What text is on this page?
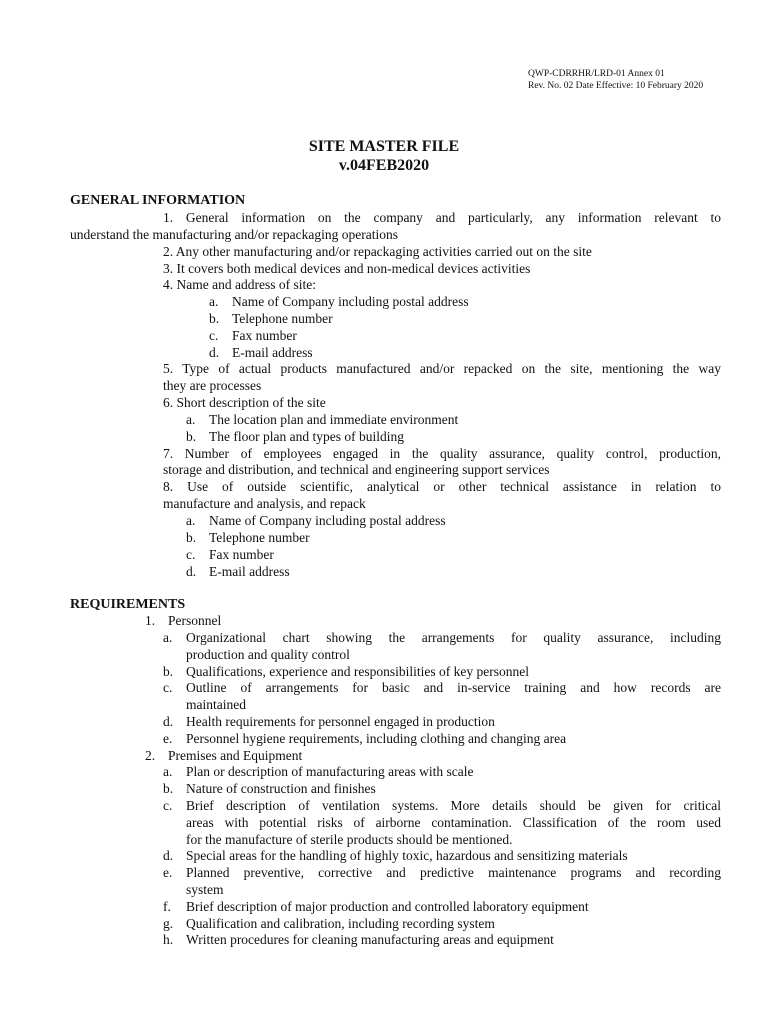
QWP-CDRRHR/LRD-01 Annex 01
Rev. No. 02 Date Effective: 10 February 2020
SITE MASTER FILE
v.04FEB2020
GENERAL INFORMATION
1. General information on the company and particularly, any information relevant to
understand the manufacturing and/or repackaging operations
2. Any other manufacturing and/or repackaging activities carried out on the site
3. It covers both medical devices and non-medical devices activities
4. Name and address of site:
a.	Name of Company including postal address
b. Telephone number
c.	Fax number
d. E-mail address
5. Type of actual products manufactured and/or repacked on the site, mentioning the way
they are processes
6. Short description of the site
a.	The location plan and immediate environment
b. The floor plan and types of building
7. Number of employees engaged in the quality assurance, quality control, production,
storage and distribution, and technical and engineering support services
8. Use of outside scientific, analytical or other technical assistance in relation to
manufacture and analysis, and repack
a.	Name of Company including postal address
b. Telephone number
c.	Fax number
d. E-mail address
REQUIREMENTS
1. Personnel
a.	Organizational chart showing the arrangements for quality assurance, including
production and quality control
b. Qualifications, experience and responsibilities of key personnel
c.	Outline of arrangements for basic and in-service training and how records are
maintained
d. Health requirements for personnel engaged in production
e.	Personnel hygiene requirements, including clothing and changing area
2. Premises and Equipment
a.	Plan or description of manufacturing areas with scale
b. Nature of construction and finishes
c.	Brief description of ventilation systems. More details should be given for critical
areas with potential risks of airborne contamination. Classification of the room used
for the manufacture of sterile products should be mentioned.
d. Special areas for the handling of highly toxic, hazardous and sensitizing materials
e.	Planned preventive, corrective and predictive maintenance programs and recording
system
f.	Brief description of major production and controlled laboratory equipment
g. Qualification and calibration, including recording system
h. Written procedures for cleaning manufacturing areas and equipment
